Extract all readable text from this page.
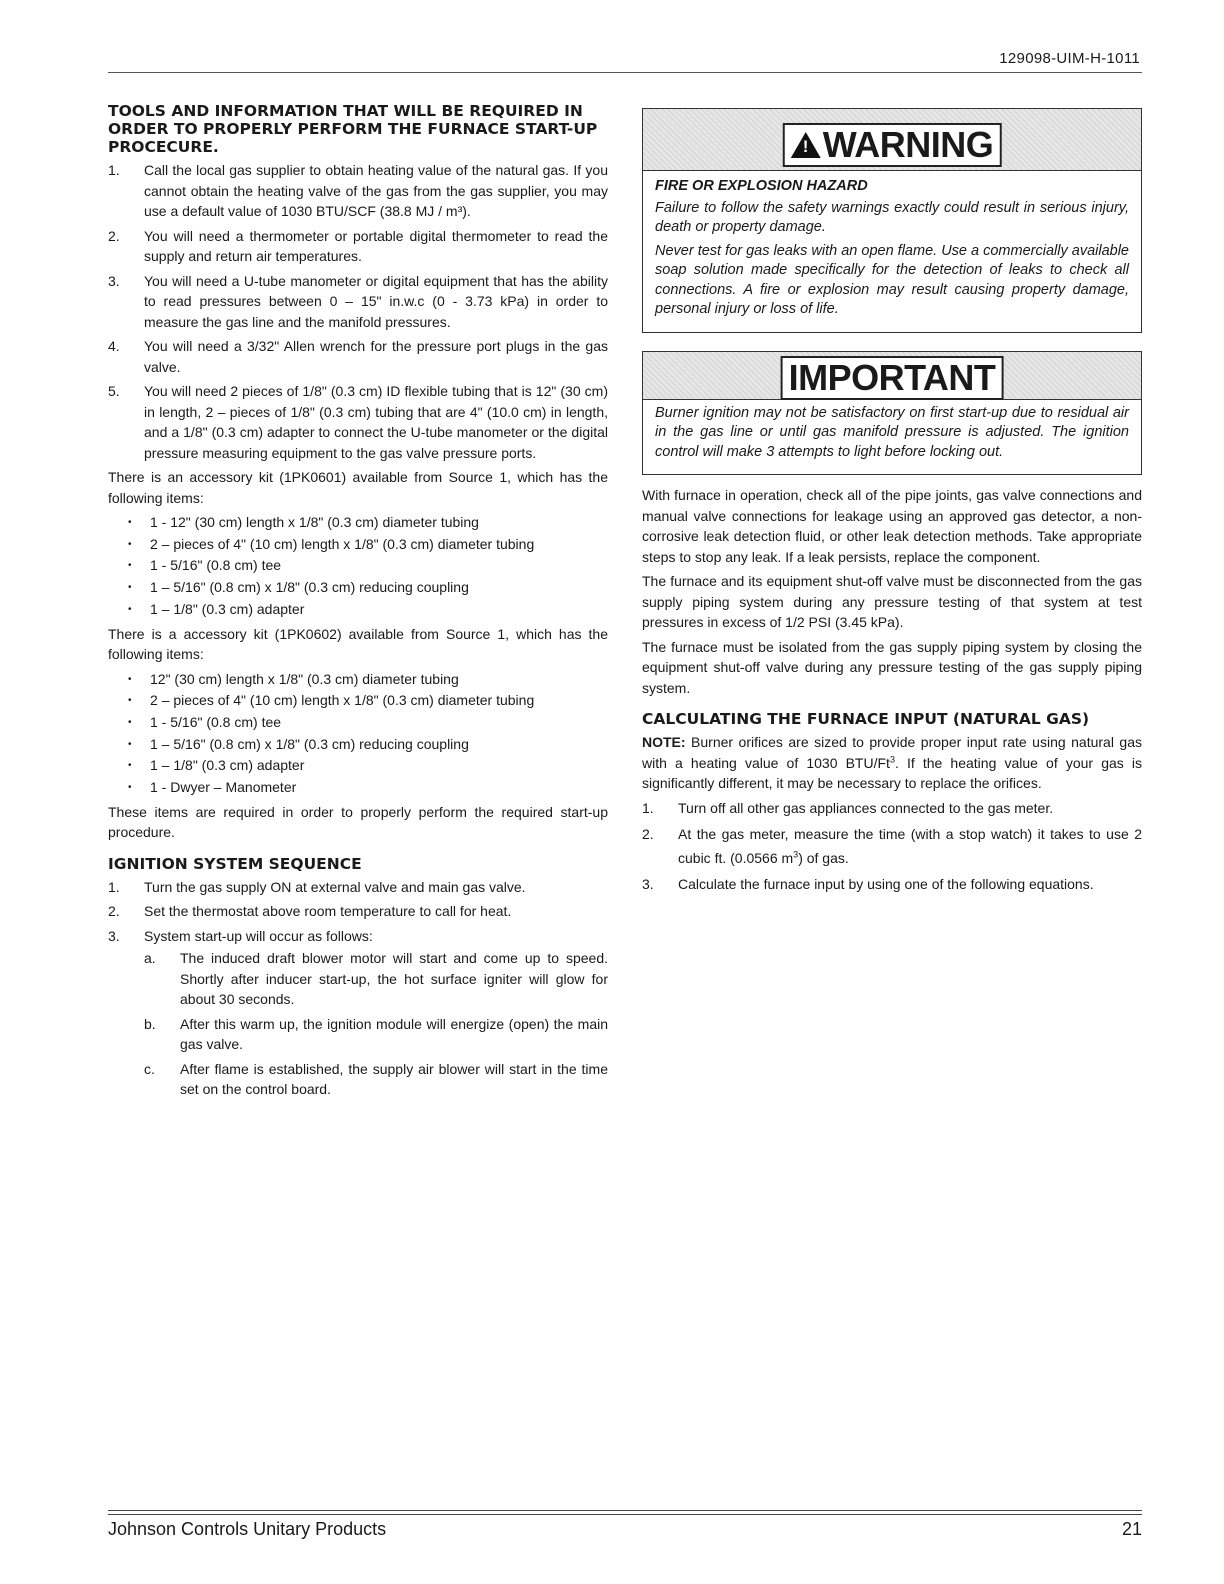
129098-UIM-H-1011
TOOLS AND INFORMATION THAT WILL BE REQUIRED IN ORDER TO PROPERLY PERFORM THE FURNACE START-UP PROCECURE.
1. Call the local gas supplier to obtain heating value of the natural gas. If you cannot obtain the heating valve of the gas from the gas supplier, you may use a default value of 1030 BTU/SCF (38.8 MJ / m³).
2. You will need a thermometer or portable digital thermometer to read the supply and return air temperatures.
3. You will need a U-tube manometer or digital equipment that has the ability to read pressures between 0 – 15" in.w.c (0 - 3.73 kPa) in order to measure the gas line and the manifold pressures.
4. You will need a 3/32" Allen wrench for the pressure port plugs in the gas valve.
5. You will need 2 pieces of 1/8" (0.3 cm) ID flexible tubing that is 12" (30 cm) in length, 2 – pieces of 1/8" (0.3 cm) tubing that are 4" (10.0 cm) in length, and a 1/8" (0.3 cm) adapter to connect the U-tube manometer or the digital pressure measuring equipment to the gas valve pressure ports.
There is an accessory kit (1PK0601) available from Source 1, which has the following items:
• 1 - 12" (30 cm) length x 1/8" (0.3 cm) diameter tubing
• 2 – pieces of 4" (10 cm) length x 1/8" (0.3 cm) diameter tubing
• 1 - 5/16" (0.8 cm) tee
• 1 – 5/16" (0.8 cm) x 1/8" (0.3 cm) reducing coupling
• 1 – 1/8" (0.3 cm) adapter
There is a accessory kit (1PK0602) available from Source 1, which has the following items:
• 12" (30 cm) length x 1/8" (0.3 cm) diameter tubing
• 2 – pieces of 4" (10 cm) length x 1/8" (0.3 cm) diameter tubing
• 1 - 5/16" (0.8 cm) tee
• 1 – 5/16" (0.8 cm) x 1/8" (0.3 cm) reducing coupling
• 1 – 1/8" (0.3 cm) adapter
• 1 - Dwyer – Manometer
These items are required in order to properly perform the required start-up procedure.
IGNITION SYSTEM SEQUENCE
1. Turn the gas supply ON at external valve and main gas valve.
2. Set the thermostat above room temperature to call for heat.
3. System start-up will occur as follows:
a. The induced draft blower motor will start and come up to speed. Shortly after inducer start-up, the hot surface igniter will glow for about 30 seconds.
b. After this warm up, the ignition module will energize (open) the main gas valve.
c. After flame is established, the supply air blower will start in the time set on the control board.
!WARNING
FIRE OR EXPLOSION HAZARD
Failure to follow the safety warnings exactly could result in serious injury, death or property damage.
Never test for gas leaks with an open flame. Use a commercially available soap solution made specifically for the detection of leaks to check all connections. A fire or explosion may result causing property damage, personal injury or loss of life.
IMPORTANT
Burner ignition may not be satisfactory on first start-up due to residual air in the gas line or until gas manifold pressure is adjusted. The ignition control will make 3 attempts to light before locking out.
With furnace in operation, check all of the pipe joints, gas valve connections and manual valve connections for leakage using an approved gas detector, a non-corrosive leak detection fluid, or other leak detection methods. Take appropriate steps to stop any leak. If a leak persists, replace the component.
The furnace and its equipment shut-off valve must be disconnected from the gas supply piping system during any pressure testing of that system at test pressures in excess of 1/2 PSI (3.45 kPa).
The furnace must be isolated from the gas supply piping system by closing the equipment shut-off valve during any pressure testing of the gas supply piping system.
CALCULATING THE FURNACE INPUT (NATURAL GAS)
NOTE: Burner orifices are sized to provide proper input rate using natural gas with a heating value of 1030 BTU/Ft$^3$. If the heating value of your gas is significantly different, it may be necessary to replace the orifices.
1. Turn off all other gas appliances connected to the gas meter.
2. At the gas meter, measure the time (with a stop watch) it takes to use 2 cubic ft. (0.0566 $m^3$) of gas.
3. Calculate the furnace input by using one of the following equations.
Johnson Controls Unitary Products	21
